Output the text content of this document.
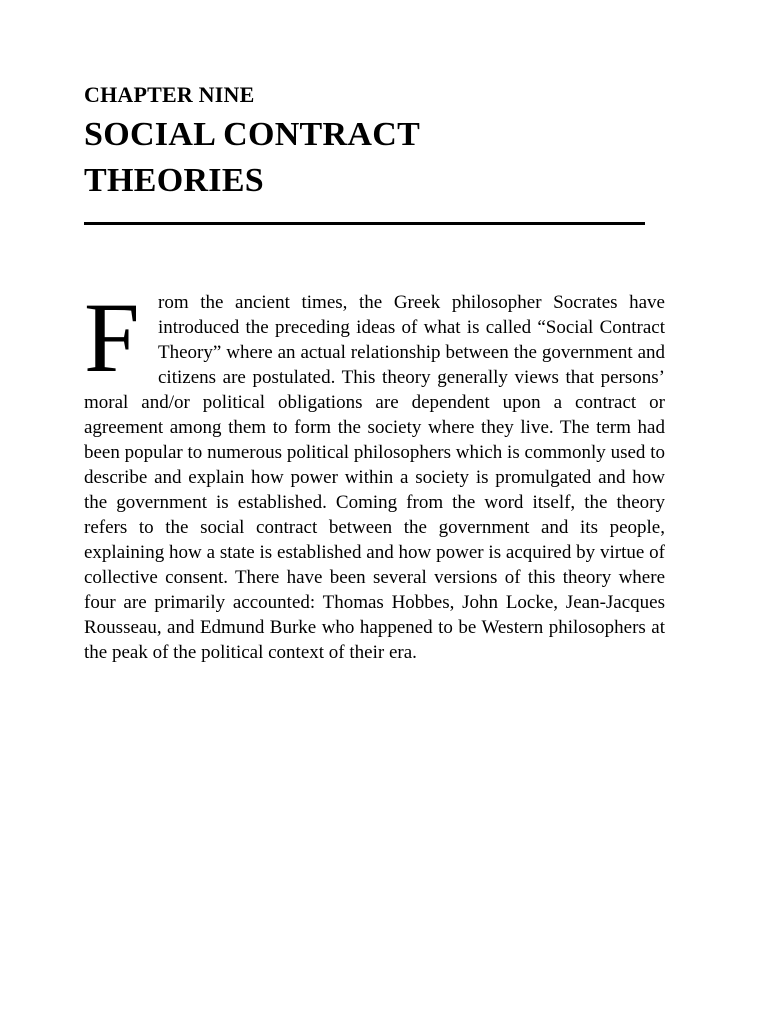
CHAPTER NINE
SOCIAL CONTRACT
THEORIES
From the ancient times, the Greek philosopher Socrates have introduced the preceding ideas of what is called “Social Contract Theory” where an actual relationship between the government and citizens are postulated. This theory generally views that persons’ moral and/or political obligations are dependent upon a contract or agreement among them to form the society where they live. The term had been popular to numerous political philosophers which is commonly used to describe and explain how power within a society is promulgated and how the government is established. Coming from the word itself, the theory refers to the social contract between the government and its people, explaining how a state is established and how power is acquired by virtue of collective consent. There have been several versions of this theory where four are primarily accounted: Thomas Hobbes, John Locke, Jean-Jacques Rousseau, and Edmund Burke who happened to be Western philosophers at the peak of the political context of their era.
